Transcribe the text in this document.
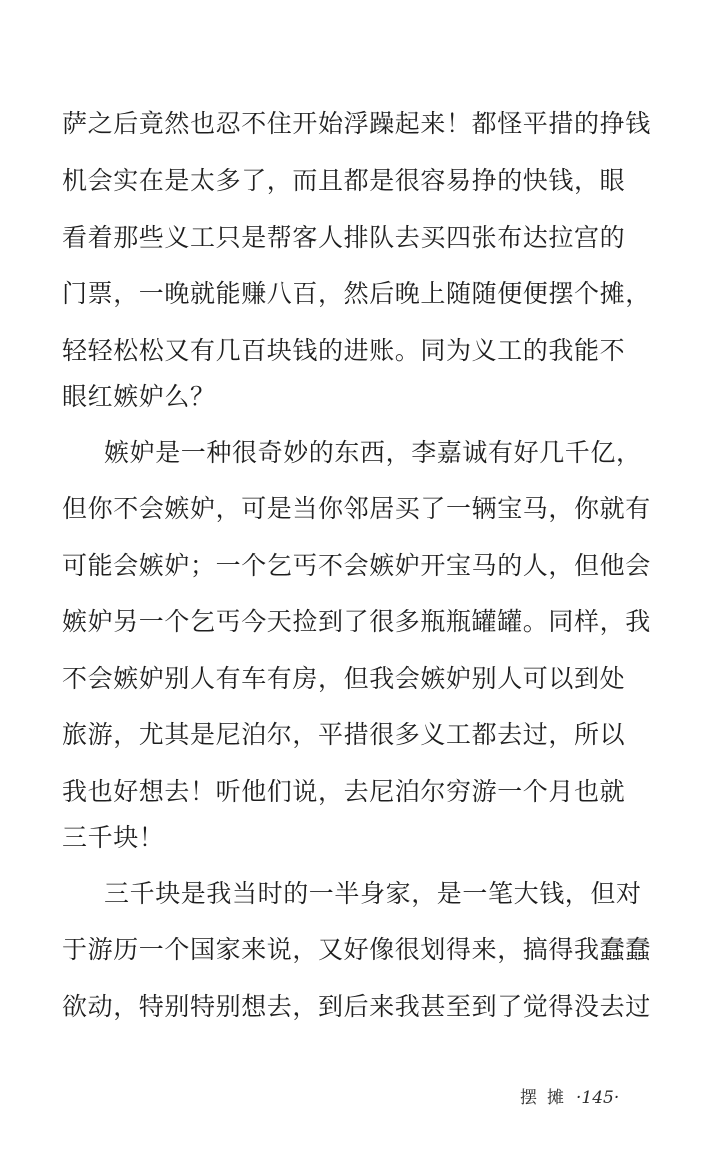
萨之后竟然也忍不住开始浮躁起来！都怪平措的挣钱
机会实在是太多了，而且都是很容易挣的快钱，眼
看着那些义工只是帮客人排队去买四张布达拉宫的
门票，一晚就能赚八百，然后晚上随随便便摆个摊，
轻轻松松又有几百块钱的进账。同为义工的我能不
眼红嫉妒么？
嫉妒是一种很奇妙的东西，李嘉诚有好几千亿，
但你不会嫉妒，可是当你邻居买了一辆宝马，你就有
可能会嫉妒；一个乞丐不会嫉妒开宝马的人，但他会
嫉妒另一个乞丐今天捡到了很多瓶瓶罐罐。同样，我
不会嫉妒别人有车有房，但我会嫉妒别人可以到处
旅游，尤其是尼泊尔，平措很多义工都去过，所以
我也好想去！听他们说，去尼泊尔穷游一个月也就
三千块！
三千块是我当时的一半身家，是一笔大钱，但对
于游历一个国家来说，又好像很划得来，搞得我蠢蠢
欲动，特别特别想去，到后来我甚至到了觉得没去过
摆摊 ·145·
